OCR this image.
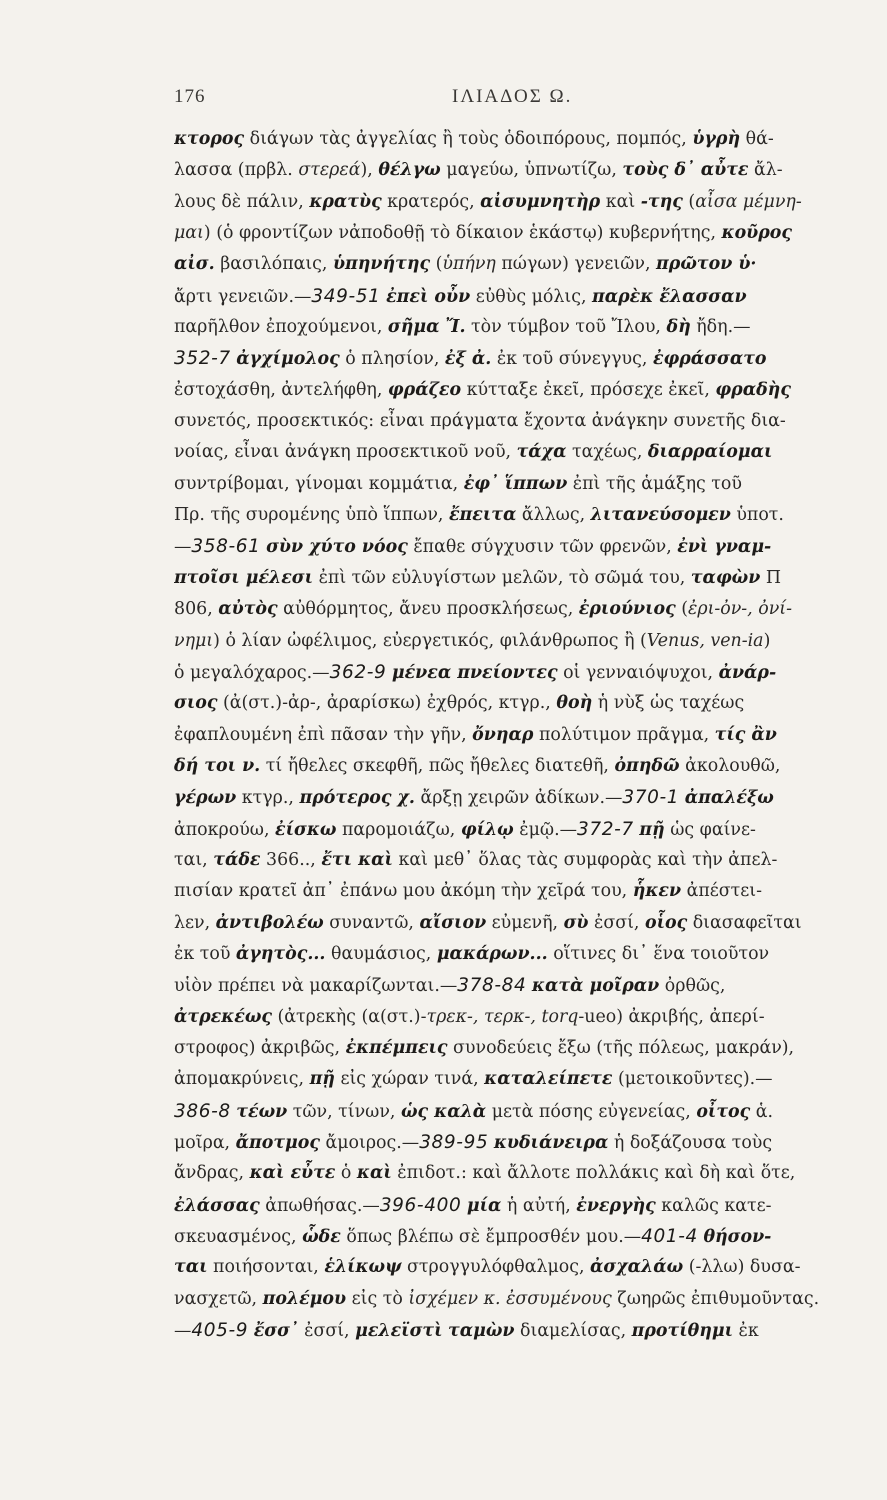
176	ΙΛΙΑΔΟΣ Ω.
κτορος διάγων τὰς ἀγγελίας ἢ τοὺς ὁδοιπόρους, πομπός, ὑγρὴ θά-
λασσα (πρβλ. στερεά), θέλγω μαγεύω, ὑπνωτίζω, τοὺς δ᾽ αὖτε ἄλ-
λους δὲ πάλιν, κρατὺς κρατερός, αἰσυμνητὴρ καὶ -της (αἶσα μέμνη-
μαι) (ὁ φροντίζων νἀποδοθῇ τὸ δίκαιον ἑκάστῳ) κυβερνήτης, κοῦρος
αἰσ. βασιλόπαις, ὑπηνήτης (ὑπήνη πώγων) γενειῶν, πρῶτον ὑ·
ἄρτι γενειῶν.—349-51 ἐπεὶ οὖν εὐθὺς μόλις, παρὲκ ἔλασσαν
παρῆλθον ἐποχούμενοι, σῆμα Ἴ. τὸν τύμβον τοῦ Ἴλου, δὴ ἤδη.—
352-7 ἀγχίμολος ὁ πλησίον, ἐξ ἀ. ἐκ τοῦ σύνεγγυς, ἐφράσσατο
ἐστοχάσθη, ἀντελήφθη, φράζεο κύτταξε ἐκεῖ, πρόσεχε ἐκεῖ, φραδὴς
συνετός, προσεκτικός: εἶναι πράγματα ἔχοντα ἀνάγκην συνετῆς δια-
νοίας, εἶναι ἀνάγκη προσεκτικοῦ νοῦ, τάχα ταχέως, διαρραίομαι
συντρίβομαι, γίνομαι κομμάτια, ἐφ᾽ ἵππων ἐπὶ τῆς ἁμάξης τοῦ
Πρ. τῆς συρομένης ὑπὸ ἵππων, ἔπειτα ἄλλως, λιτανεύσομεν ὑποτ.
—358-61 σὺν χύτο νόος ἔπαθε σύγχυσιν τῶν φρενῶν, ἐνὶ γναμ-
πτοῖσι μέλεσι ἐπὶ τῶν εὐλυγίστων μελῶν, τὸ σῶμά του, ταφὼν Π
806, αὐτὸς αὐθόρμητος, ἄνευ προσκλήσεως, ἐριούνιος (ἐρι-ὀν-, ὀνί-
νημι) ὁ λίαν ὠφέλιμος, εὐεργετικός, φιλάνθρωπος ἢ (Venus, ven-ia)
ὁ μεγαλόχαρος.—362-9 μένεα πνείοντες οἱ γενναιόψυχοι, ἀνάρ-
σιος (ἀ(στ.)-ἀρ-, ἀραρίσκω) ἐχθρός, κτγρ., θοὴ ἡ νὺξ ὡς ταχέως
ἐφαπλουμένη ἐπὶ πᾶσαν τὴν γῆν, ὄνηαρ πολύτιμον πρᾶγμα, τίς ἂν
δή τοι ν. τί ἤθελες σκεφθῆ, πῶς ἤθελες διατεθῆ, ὀπηδῶ ἀκολουθῶ,
γέρων κτγρ., πρότερος χ. ἄρξῃ χειρῶν ἀδίκων.—370-1 ἀπαλέξω
ἀποκρούω, ἐίσκω παρομοιάζω, φίλῳ ἐμῷ.—372-7 πῇ ὡς φαίνε-
ται, τάδε 366.., ἔτι καὶ καὶ μεθ᾽ ὅλας τὰς συμφορὰς καὶ τὴν ἀπελ-
πισίαν κρατεῖ ἀπ᾽ ἐπάνω μου ἀκόμη τὴν χεῖρά του, ἧκεν ἀπέστει-
λεν, ἀντιβολέω συναντῶ, αἴσιον εὐμενῆ, σὺ ἐσσί, οἷος διασαφεῖται
ἐκ τοῦ ἀγητὸς... θαυμάσιος, μακάρων... οἵτινες δι᾽ ἕνα τοιοῦτον
υἱὸν πρέπει νὰ μακαρίζωνται.—378-84 κατὰ μοῖραν ὀρθῶς,
ἀτρεκέως (ἀτρεκὴς (α(στ.)-τρεκ-, τερκ-, torq-ueo) ἀκριβής, ἀπερί-
στροφος) ἀκριβῶς, ἐκπέμπεις συνοδεύεις ἔξω (τῆς πόλεως, μακράν),
ἀπομακρύνεις, πῇ εἰς χώραν τινά, καταλείπετε (μετοικοῦντες).—
386-8 τέων τῶν, τίνων, ὡς καλὰ μετὰ πόσης εὐγενείας, οἶτος ἁ.
μοῖρα, ἄποτμος ἄμοιρος.—389-95 κυδιάνειρα ἡ δοξάζουσα τοὺς
ἄνδρας, καὶ εὖτε ὁ καὶ ἐπιδοτ.: καὶ ἄλλοτε πολλάκις καὶ δὴ καὶ ὅτε,
ἐλάσσας ἀπωθήσας.—396-400 μία ἡ αὐτή, ἐνεργὴς καλῶς κατε-
σκευασμένος, ὧδε ὅπως βλέπω σὲ ἔμπροσθέν μου.—401-4 θήσον-
ται ποιήσονται, ἑλίκωψ στρογγυλόφθαλμος, ἀσχαλάω (-λλω) δυσα-
νασχετῶ, πολέμου εἰς τὸ ἰσχέμεν κ. ἐσσυμένους ζωηρῶς ἐπιθυμοῦντας.
—405-9 ἔσσ᾽ ἐσσί, μελεϊστὶ ταμὼν διαμελίσας, προτίθημι ἐκ
